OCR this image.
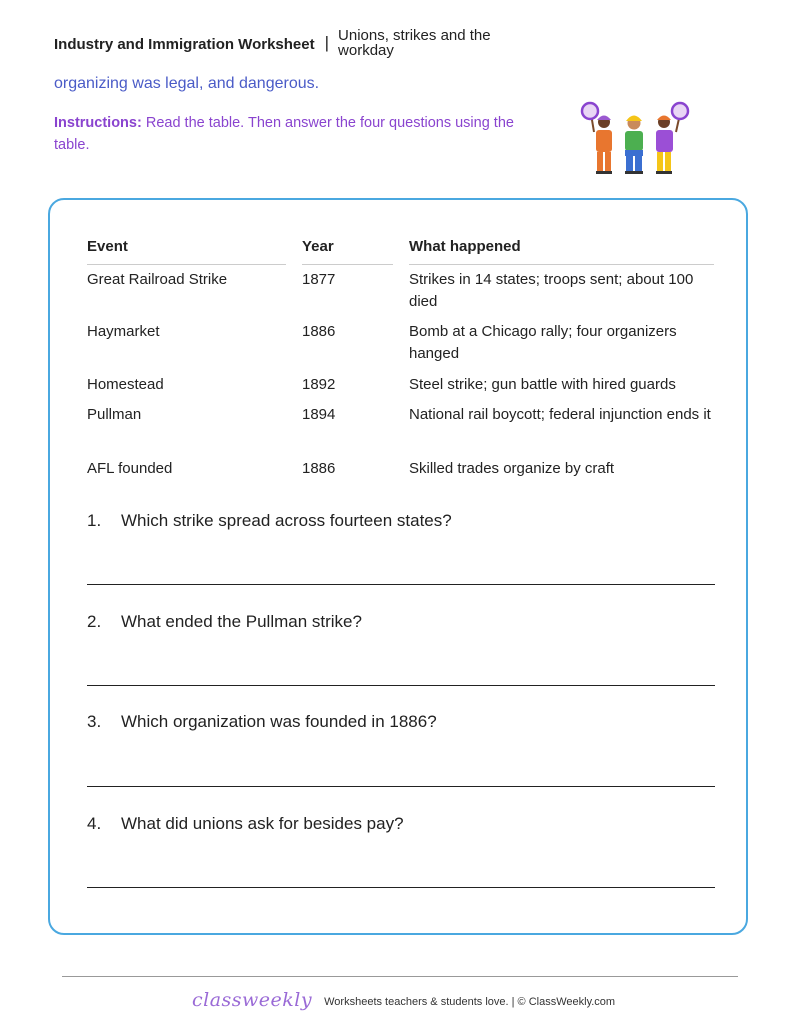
Industry and Immigration Worksheet | Unions, strikes and the workday
organizing was legal, and dangerous.
Instructions: Read the table. Then answer the four questions using the table.
Event	Year	What happened
Great Railroad Strike	1877	Strikes in 14 states; troops sent; about 100 died
Haymarket	1886	Bomb at a Chicago rally; four organizers hanged
Homestead	1892	Steel strike; gun battle with hired guards
Pullman	1894	National rail boycott; federal injunction ends it
AFL founded	1886	Skilled trades organize by craft
1. Which strike spread across fourteen states?
2. What ended the Pullman strike?
3. Which organization was founded in 1886?
4. What did unions ask for besides pay?
classweekly Worksheets teachers & students love. | © ClassWeekly.com
